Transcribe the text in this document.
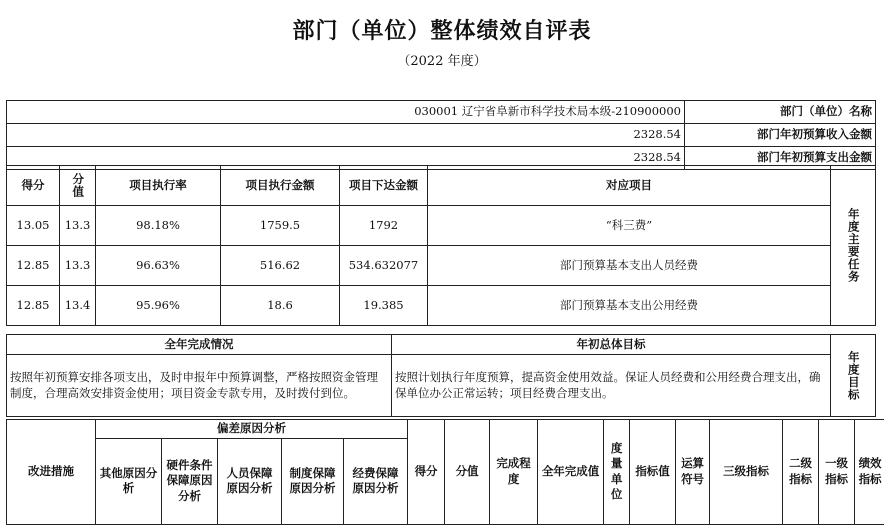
部门（单位）整体绩效自评表
（2022 年度）
030001 辽宁省阜新市科学技术局本级-210900000	部门（单位）名称
2328.54	部门年初预算收入金额
2328.54	部门年初预算支出金额
得分	分值	项目执行率	项目执行金额	项目下达金额	对应项目	年度主要任务
13.05	13.3	98.18%	1759.5	1792	“科三费”	
12.85	13.3	96.63%	516.62	534.632077	部门预算基本支出人员经费	
12.85	13.4	95.96%	18.6	19.385	部门预算基本支出公用经费	
全年完成情况	年初总体目标	年度目标
按照年初预算安排各项支出，及时申报年中预算调整，严格按照资金管理制度，合理高效安排资金使用；项目资金专款专用，及时拨付到位。	按照计划执行年度预算，提高资金使用效益。保证人员经费和公用经费合理支出，确保单位办公正常运转；项目经费合理支出。	
改进措施	偏差原因分析					得分	分值	完成程度	全年完成值	度量单位	指标值	运算符号	三级指标	二级指标	一级指标	绩效指标
	其他原因分析	硬件条件保障原因分析	人员保障原因分析	制度保障原因分析	经费保障原因分析											
